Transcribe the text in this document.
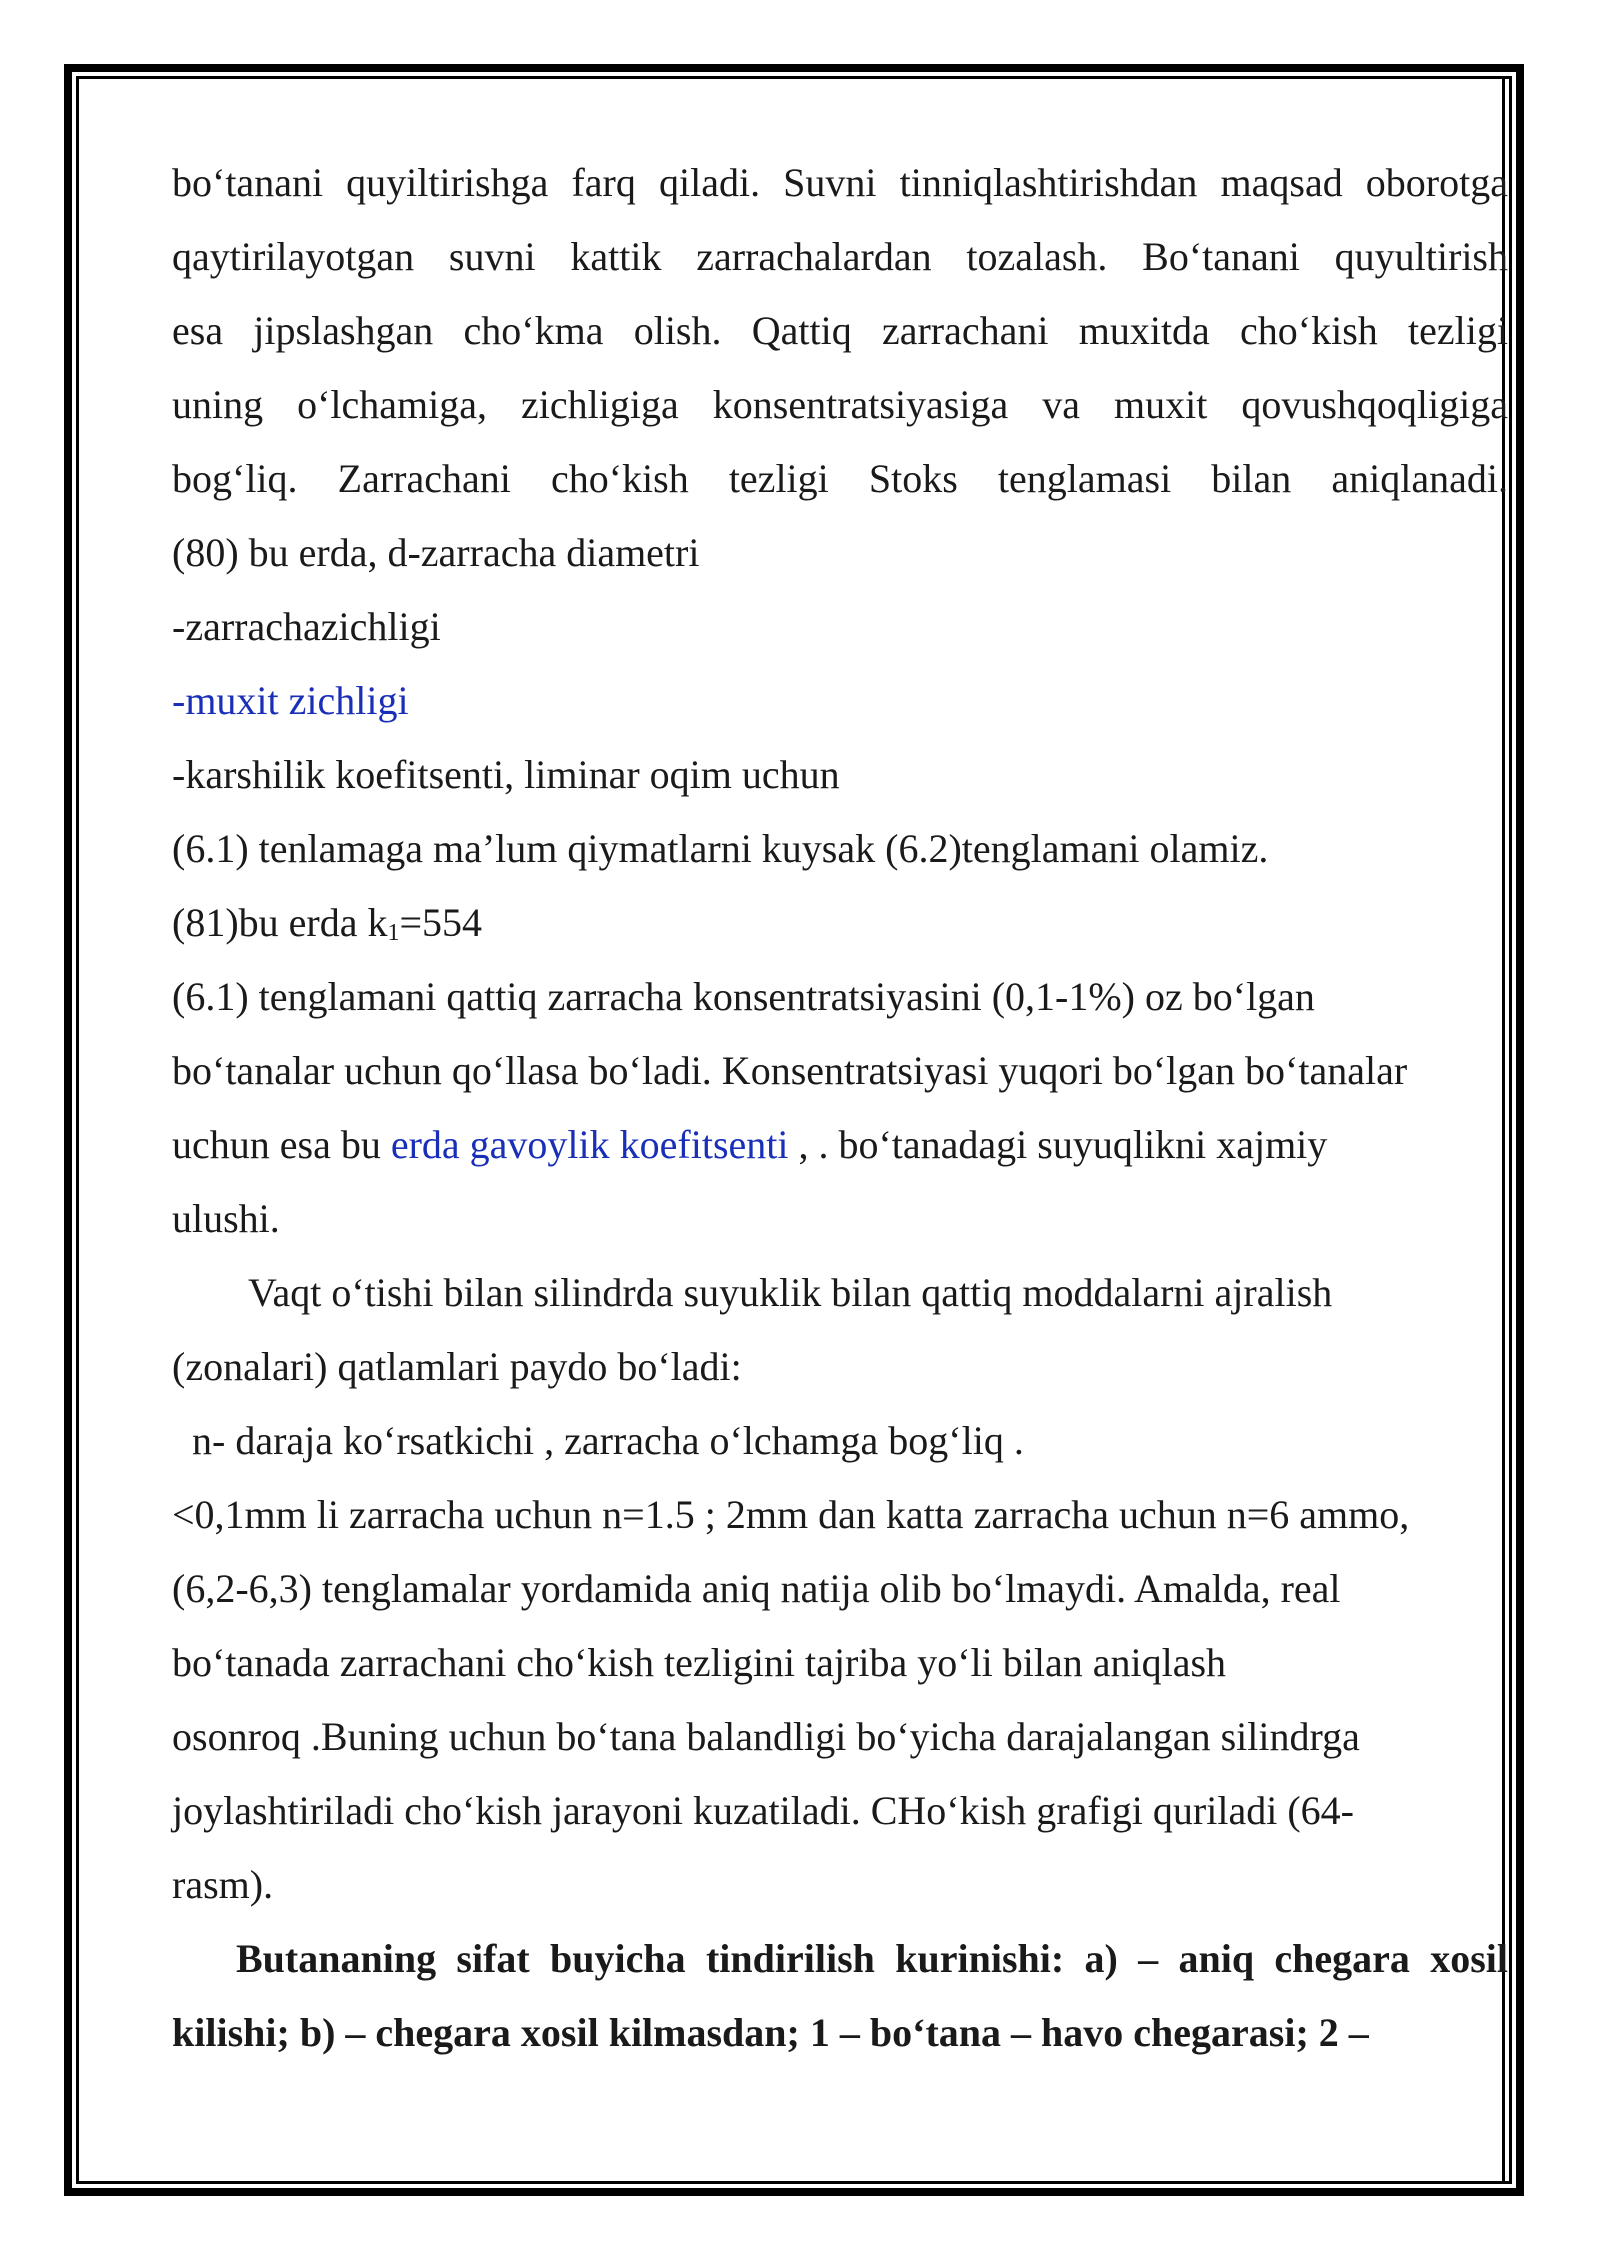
bo‘tanani quyiltirishga farq qiladi. Suvni tinniqlashtirishdan maqsad oborotga
qaytirilayotgan suvni kattik zarrachalardan tozalash. Bo‘tanani quyultirish
esa jipslashgan cho‘kma olish. Qattiq zarrachani muxitda cho‘kish tezligi
uning o‘lchamiga, zichligiga konsentratsiyasiga va muxit qovushqoqligiga
bog‘liq. Zarrachani cho‘kish tezligi Stoks tenglamasi bilan aniqlanadi.
(80) bu erda, d-zarracha diametri
-zarrachazichligi
-muxit zichligi
-karshilik koefitsenti, liminar oqim uchun
(6.1) tenlamaga ma’lum qiymatlarni kuysak (6.2)tenglamani olamiz.
(81)bu erda $k_1=554$
(6.1) tenglamani qattiq zarracha konsentratsiyasini (0,1-1%) oz bo‘lgan
bo‘tanalar uchun qo‘llasa bo‘ladi. Konsentratsiyasi yuqori bo‘lgan bo‘tanalar
uchun esa bu erda gavoylik koefitsenti , . bo‘tanadagi suyuqlikni xajmiy
ulushi.
Vaqt o‘tishi bilan silindrda suyuklik bilan qattiq moddalarni ajralish
(zonalari) qatlamlari paydo bo‘ladi:
n- daraja ko‘rsatkichi , zarracha o‘lchamga bog‘liq .
<0,1mm li zarracha uchun n=1.5 ; 2mm dan katta zarracha uchun n=6 ammo,
(6,2-6,3) tenglamalar yordamida aniq natija olib bo‘lmaydi. Amalda, real
bo‘tanada zarrachani cho‘kish tezligini tajriba yo‘li bilan aniqlash
osonroq .Buning uchun bo‘tana balandligi bo‘yicha darajalangan silindrga
joylashtiriladi cho‘kish jarayoni kuzatiladi. CHo‘kish grafigi quriladi (64-
rasm).
Butananing sifat buyicha tindirilish kurinishi: a) – aniq chegara xosil
kilishi; b) – chegara xosil kilmasdan; 1 – bo‘tana – havo chegarasi; 2 –
